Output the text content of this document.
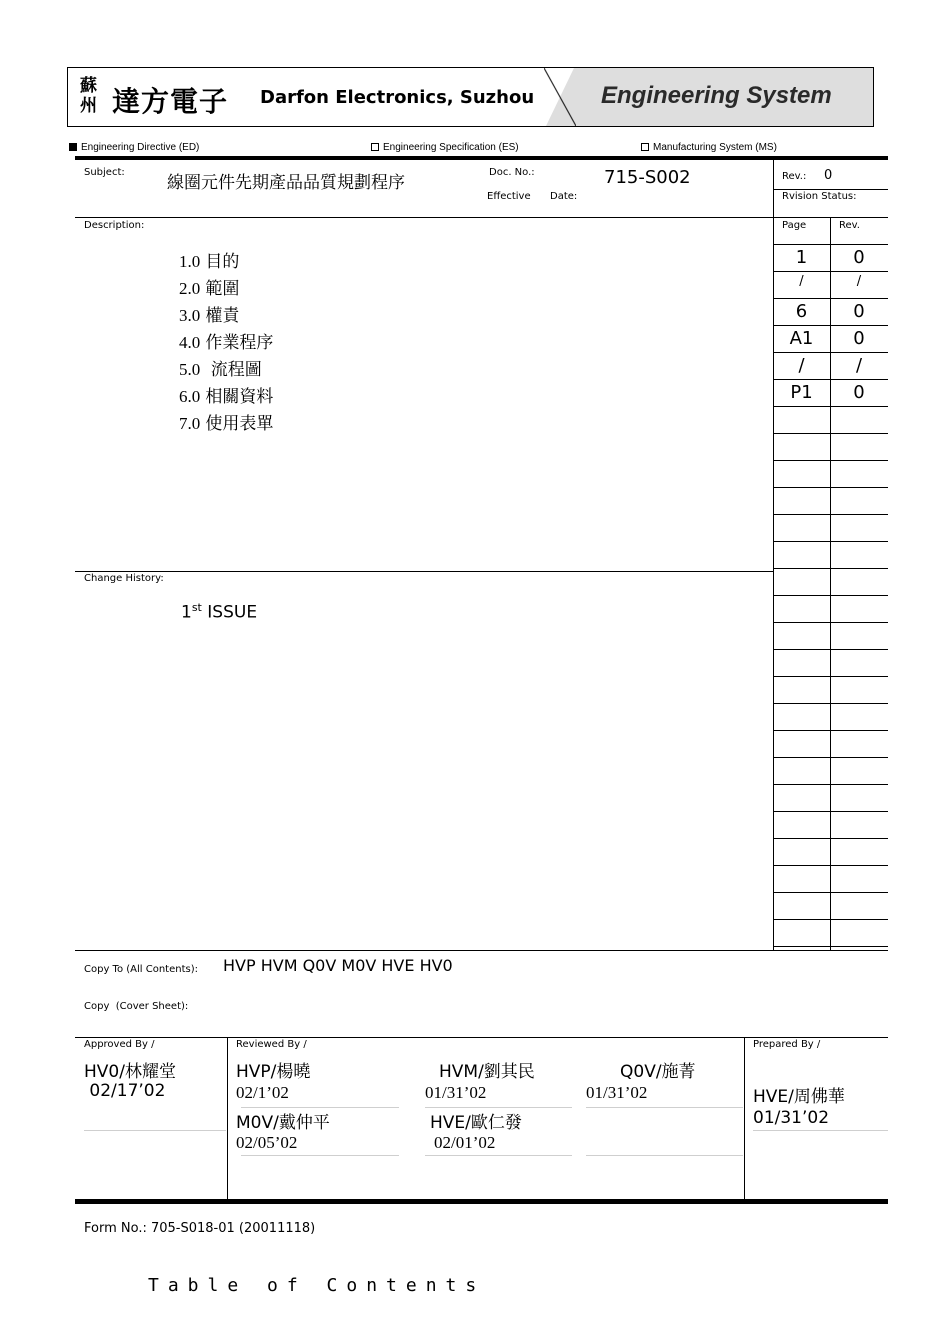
蘇州 達方電子 Darfon Electronics, Suzhou	Engineering System
Engineering Directive (ED)	Engineering Specification (ES)	Manufacturing System (MS)
Page	Rev.
1	0
/	/
6	0
A1	0
/	/
P1	0
Subject:
線圈元件先期產品品質規劃程序
Doc. No.:	715-S002
Effective Date:
Rev.: 0
Rvision Status:
Description:
1.0 目的
2.0 範圍
3.0 權責
4.0 作業程序
5.0  流程圖
6.0 相關資料
7.0 使用表單
Change History:
1st ISSUE
Copy To (All Contents): HVP HVM Q0V M0V HVE HV0
Copy  (Cover Sheet):
Approved By /
HV0/林耀堂
02/17’02
Reviewed By /
HVP/楊曉
02/1’02
HVM/劉其民
01/31’02
Q0V/施菁
01/31’02
M0V/戴仲平
02/05’02
HVE/歐仁發
02/01’02
Prepared By /
HVE/周佛華
01/31’02
Form No.: 705-S018-01 (20011118)
Table of Contents
